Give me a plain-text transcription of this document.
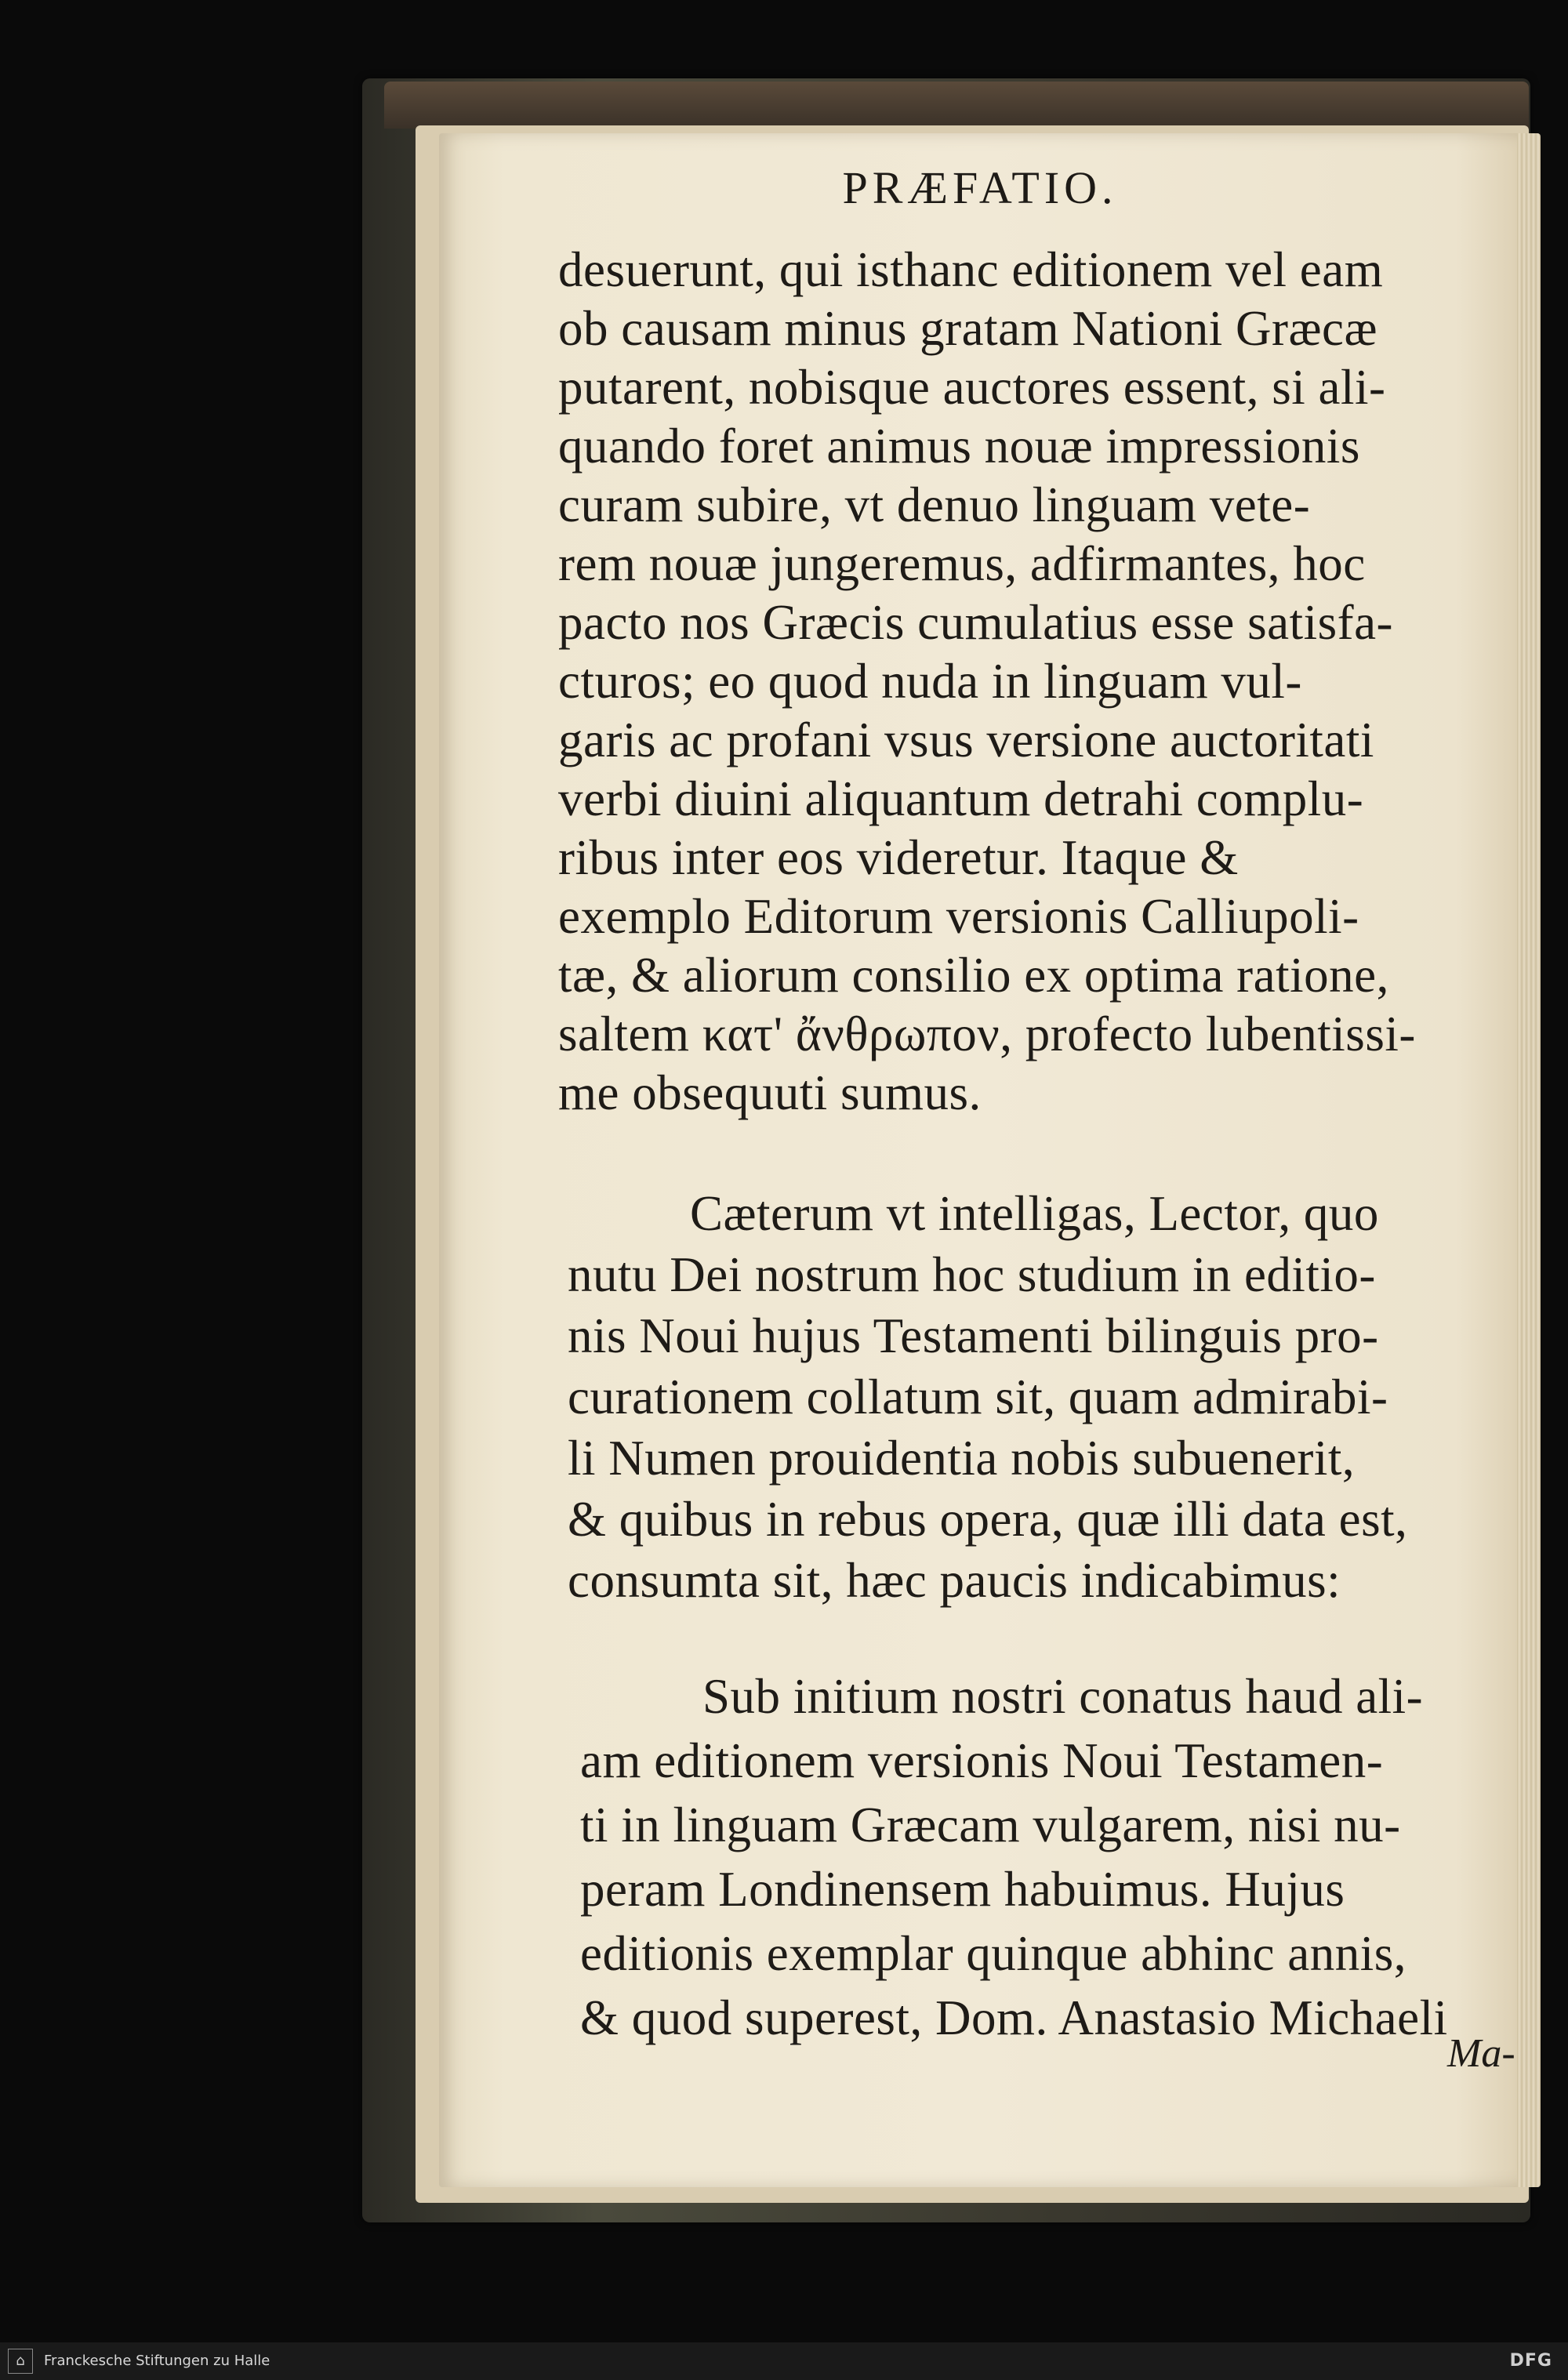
PRÆFATIO.
desuerunt, qui isthanc editionem vel eam
ob causam minus gratam Nationi Græcæ
putarent, nobisque auctores essent, si ali-
quando foret animus nouæ impressionis
curam subire, vt denuo linguam vete-
rem nouæ jungeremus, adfirmantes, hoc
pacto nos Græcis cumulatius esse satisfa-
cturos; eo quod nuda in linguam vul-
garis ac profani vsus versione auctoritati
verbi diuini aliquantum detrahi complu-
ribus inter eos videretur. Itaque &
exemplo Editorum versionis Calliupoli-
tæ, & aliorum consilio ex optima ratione,
saltem κατ' ἄνθρωπον, profecto lubentissi-
me obsequuti sumus.
Cæterum vt intelligas, Lector, quo
nutu Dei nostrum hoc studium in editio-
nis Noui hujus Testamenti bilinguis pro-
curationem collatum sit, quam admirabi-
li Numen prouidentia nobis subuenerit,
& quibus in rebus opera, quæ illi data est,
consumta sit, hæc paucis indicabimus:
Sub initium nostri conatus haud ali-
am editionem versionis Noui Testamen-
ti in linguam Græcam vulgarem, nisi nu-
peram Londinensem habuimus. Hujus
editionis exemplar quinque abhinc annis,
& quod superest, Dom. Anastasio Michaeli
Ma-
⌂ Franckesche Stiftungen zu Halle	DFG
